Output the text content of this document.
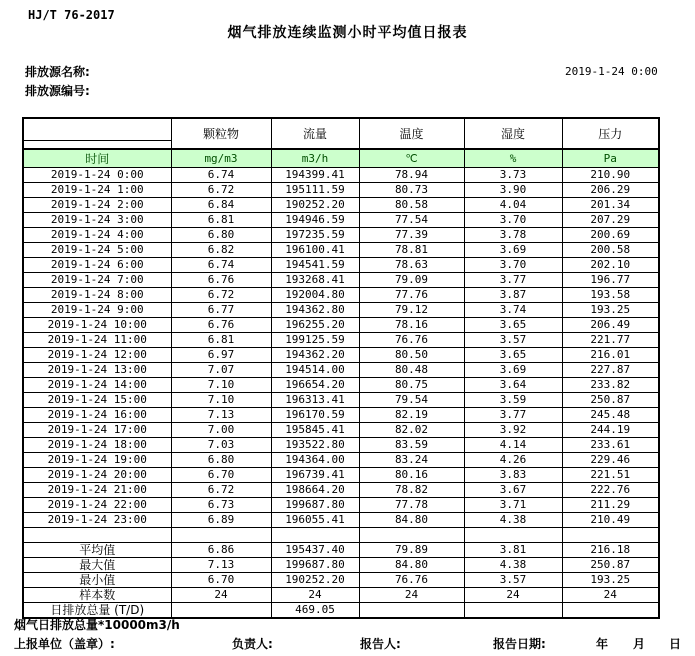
HJ/T 76-2017
烟气排放连续监测小时平均值日报表
排放源名称:
排放源编号:
2019-1-24 0:00
	颗粒物	流量	温度	湿度	压力
时间	mg/m3	m3/h	℃	%	Pa
2019-1-24 0:00	6.74	194399.41	78.94	3.73	210.90
2019-1-24 1:00	6.72	195111.59	80.73	3.90	206.29
2019-1-24 2:00	6.84	190252.20	80.58	4.04	201.34
2019-1-24 3:00	6.81	194946.59	77.54	3.70	207.29
2019-1-24 4:00	6.80	197235.59	77.39	3.78	200.69
2019-1-24 5:00	6.82	196100.41	78.81	3.69	200.58
2019-1-24 6:00	6.74	194541.59	78.63	3.70	202.10
2019-1-24 7:00	6.76	193268.41	79.09	3.77	196.77
2019-1-24 8:00	6.72	192004.80	77.76	3.87	193.58
2019-1-24 9:00	6.77	194362.80	79.12	3.74	193.25
2019-1-24 10:00	6.76	196255.20	78.16	3.65	206.49
2019-1-24 11:00	6.81	199125.59	76.76	3.57	221.77
2019-1-24 12:00	6.97	194362.20	80.50	3.65	216.01
2019-1-24 13:00	7.07	194514.00	80.48	3.69	227.87
2019-1-24 14:00	7.10	196654.20	80.75	3.64	233.82
2019-1-24 15:00	7.10	196313.41	79.54	3.59	250.87
2019-1-24 16:00	7.13	196170.59	82.19	3.77	245.48
2019-1-24 17:00	7.00	195845.41	82.02	3.92	244.19
2019-1-24 18:00	7.03	193522.80	83.59	4.14	233.61
2019-1-24 19:00	6.80	194364.00	83.24	4.26	229.46
2019-1-24 20:00	6.70	196739.41	80.16	3.83	221.51
2019-1-24 21:00	6.72	198664.20	78.82	3.67	222.76
2019-1-24 22:00	6.73	199687.80	77.78	3.71	211.29
2019-1-24 23:00	6.89	196055.41	84.80	4.38	210.49

平均值	6.86	195437.40	79.89	3.81	216.18
最大值	7.13	199687.80	84.80	4.38	250.87
最小值	6.70	190252.20	76.76	3.57	193.25
样本数	24	24	24	24	24
日排放总量 (T/D)		469.05			
烟气日排放总量*10000m3/h
上报单位（盖章）:	负责人:	报告人:	报告日期:	年 月 日
